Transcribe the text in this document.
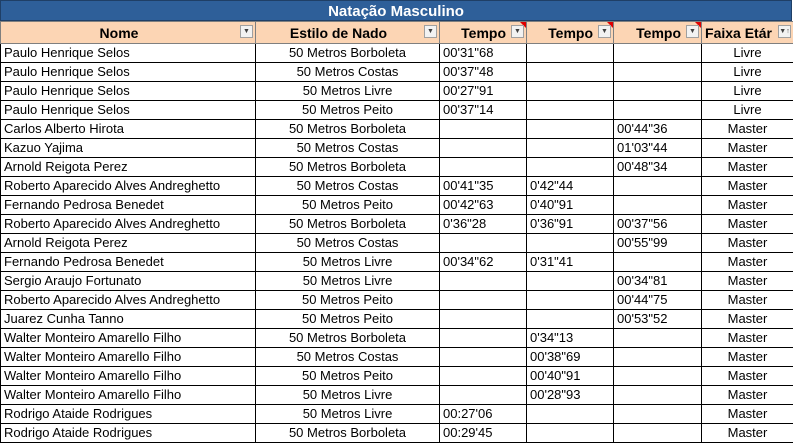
Natação Masculino
Nome ▼	Estilo de Nado ▼	Tempo ▼	Tempo ▼	Tempo ▼	Faixa Etár ▼↑

Paulo Henrique Selos	50 Metros Borboleta	00'31"68			Livre
Paulo Henrique Selos	50 Metros Costas	00'37"48			Livre
Paulo Henrique Selos	50 Metros Livre	00'27"91			Livre
Paulo Henrique Selos	50 Metros Peito	00'37"14			Livre
Carlos Alberto Hirota	50 Metros Borboleta			00'44"36	Master
Kazuo Yajima	50 Metros Costas			01'03"44	Master
Arnold Reigota Perez	50 Metros Borboleta			00'48"34	Master
Roberto Aparecido Alves Andreghetto	50 Metros Costas	00'41"35	0'42"44		Master
Fernando Pedrosa Benedet	50 Metros Peito	00'42"63	0'40"91		Master
Roberto Aparecido Alves Andreghetto	50 Metros Borboleta	0'36"28	0'36"91	00'37"56	Master
Arnold Reigota Perez	50 Metros Costas			00'55"99	Master
Fernando Pedrosa Benedet	50 Metros Livre	00'34"62	0'31"41		Master
Sergio Araujo Fortunato	50 Metros Livre			00'34"81	Master
Roberto Aparecido Alves Andreghetto	50 Metros Peito			00'44"75	Master
Juarez Cunha Tanno	50 Metros Peito			00'53"52	Master
Walter Monteiro Amarello Filho	50 Metros Borboleta		0'34"13		Master
Walter Monteiro Amarello Filho	50 Metros Costas		00'38"69		Master
Walter Monteiro Amarello Filho	50 Metros Peito		00'40"91		Master
Walter Monteiro Amarello Filho	50 Metros Livre		00'28"93		Master
Rodrigo Ataide Rodrigues	50 Metros Livre	00:27'06			Master
Rodrigo Ataide Rodrigues	50 Metros Borboleta	00:29'45			Master
